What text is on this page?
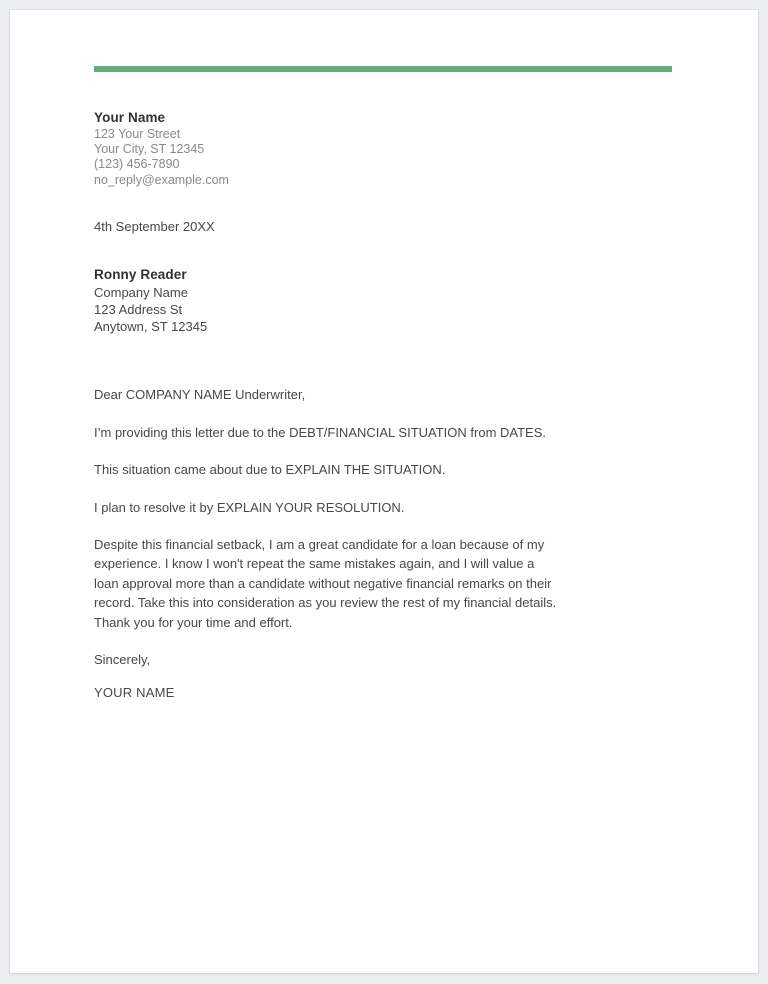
Your Name
123 Your Street
Your City, ST 12345
(123) 456-7890
no_reply@example.com
4th September 20XX
Ronny Reader
Company Name
123 Address St
Anytown, ST 12345

Dear COMPANY NAME Underwriter,

I’m providing this letter due to the DEBT/FINANCIAL SITUATION from DATES.

This situation came about due to EXPLAIN THE SITUATION.

I plan to resolve it by EXPLAIN YOUR RESOLUTION.

Despite this financial setback, I am a great candidate for a loan because of my experience. I know I won't repeat the same mistakes again, and I will value a loan approval more than a candidate without negative financial remarks on their record. Take this into consideration as you review the rest of my financial details. Thank you for your time and effort.

Sincerely,

YOUR NAME
